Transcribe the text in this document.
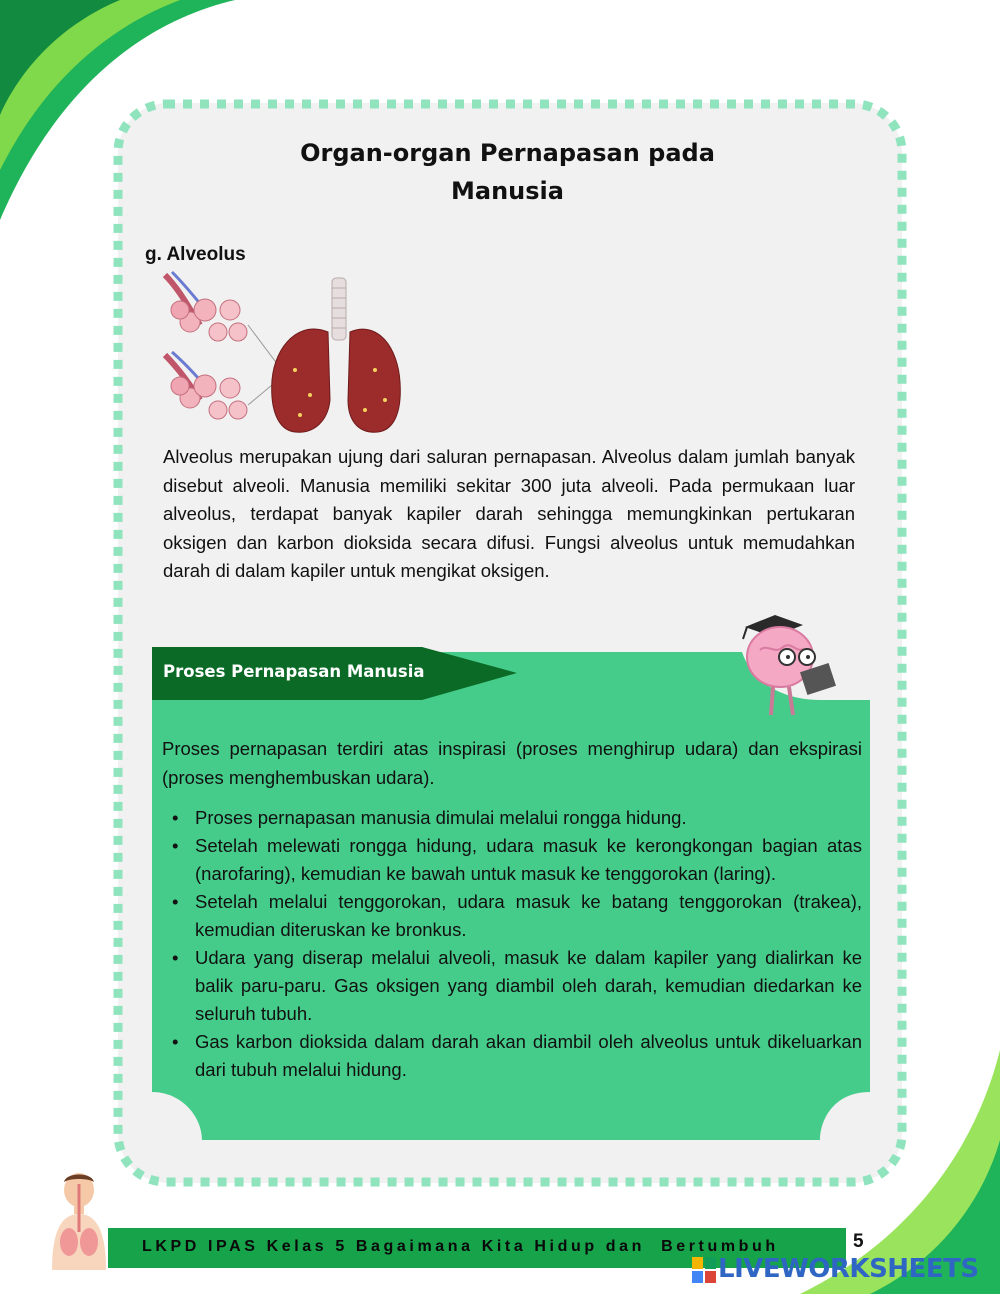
Organ-organ Pernapasan pada
Manusia
g. Alveolus
Alveolus merupakan ujung dari saluran pernapasan. Alveolus dalam jumlah banyak disebut alveoli. Manusia memiliki sekitar 300 juta alveoli. Pada permukaan luar alveolus, terdapat banyak kapiler darah sehingga memungkinkan pertukaran oksigen dan karbon dioksida secara difusi. Fungsi alveolus untuk memudahkan darah di dalam kapiler untuk mengikat oksigen.
Proses Pernapasan Manusia
Proses pernapasan terdiri atas inspirasi (proses menghirup udara) dan ekspirasi (proses menghembuskan udara).
• Proses pernapasan manusia dimulai melalui rongga hidung.
• Setelah melewati rongga hidung, udara masuk ke kerongkongan bagian atas (narofaring), kemudian ke bawah untuk masuk ke tenggorokan (laring).
• Setelah melalui tenggorokan, udara masuk ke batang tenggorokan (trakea), kemudian diteruskan ke bronkus.
• Udara yang diserap melalui alveoli, masuk ke dalam kapiler yang dialirkan ke balik paru-paru. Gas oksigen yang diambil oleh darah, kemudian diedarkan ke seluruh tubuh.
• Gas karbon dioksida dalam darah akan diambil oleh alveolus untuk dikeluarkan dari tubuh melalui hidung.
LKPD IPAS Kelas 5 Bagaimana Kita Hidup dan  Bertumbuh	5
LIVEWORKSHEETS
